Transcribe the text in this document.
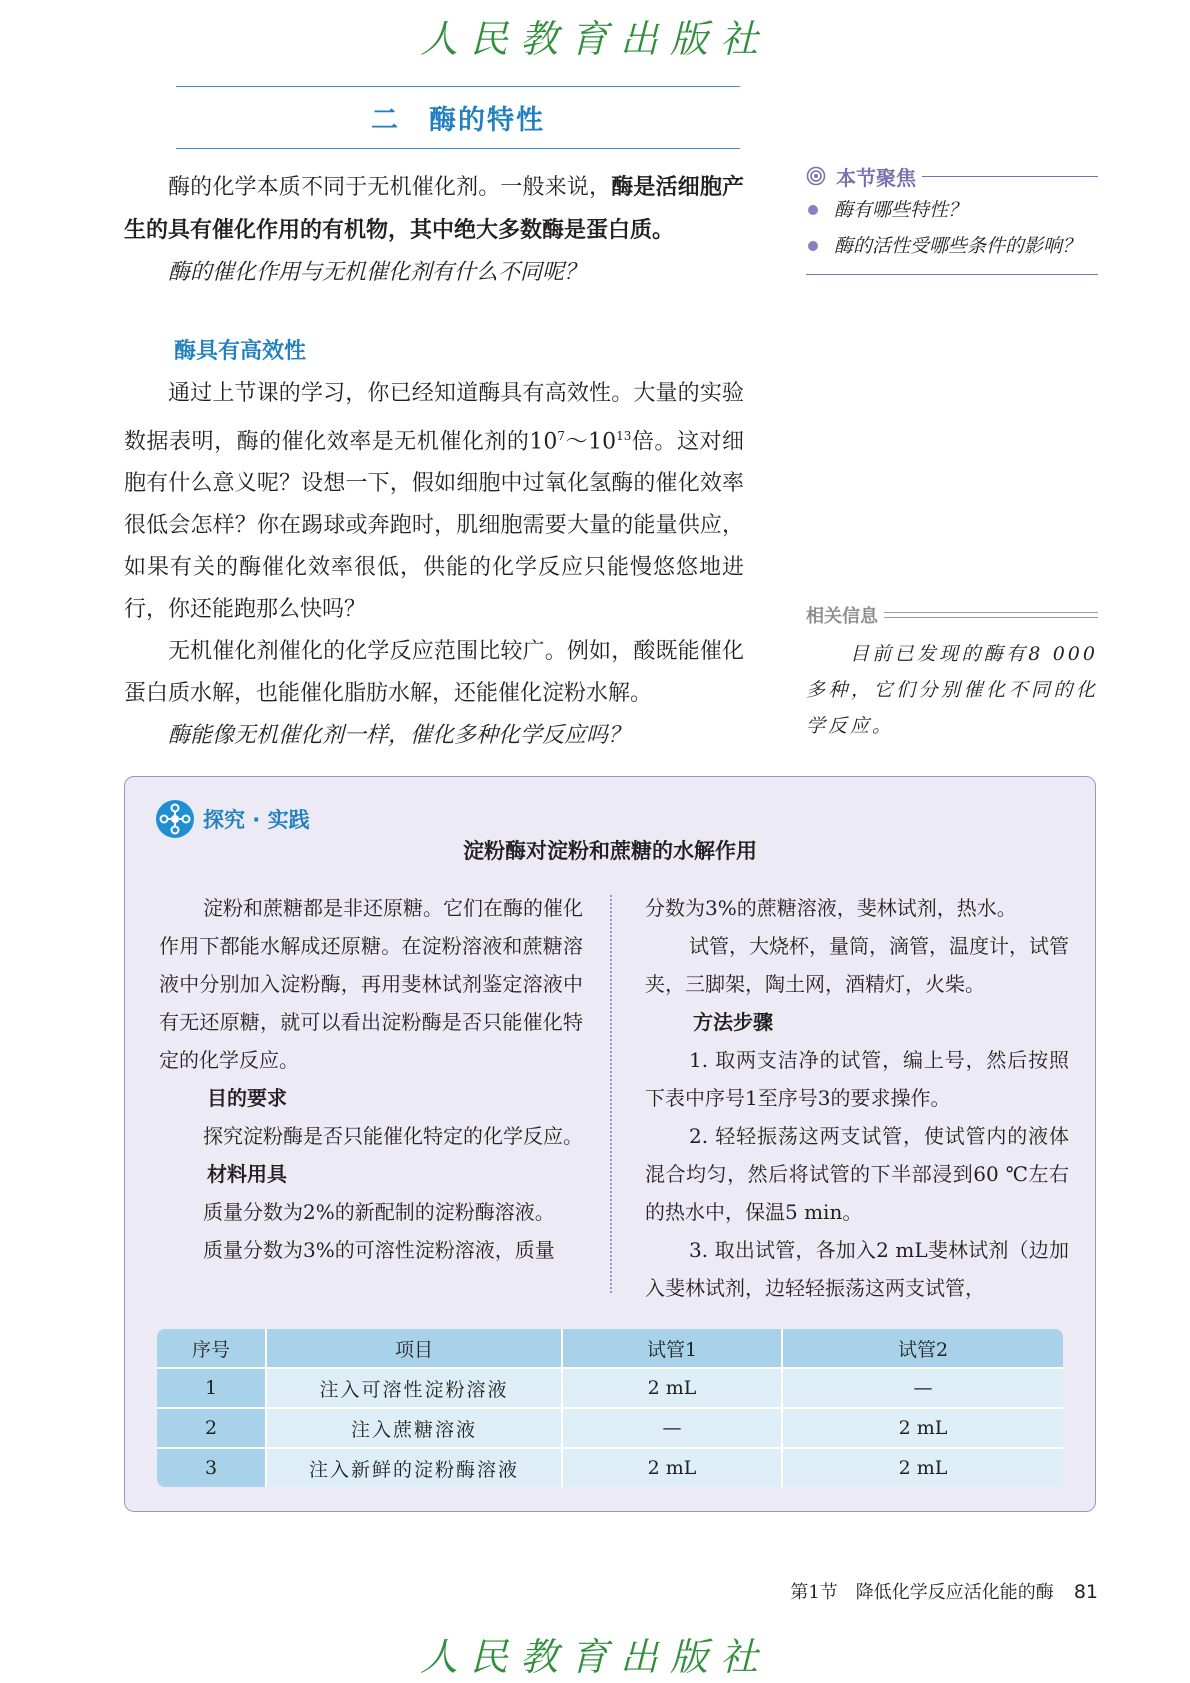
人民教育出版社
二　酶的特性

酶的化学本质不同于无机催化剂。一般来说，酶是活细胞产生的具有催化作用的有机物，其中绝大多数酶是蛋白质。

酶的催化作用与无机催化剂有什么不同呢？

酶具有高效性

通过上节课的学习，你已经知道酶具有高效性。大量的实验数据表明，酶的催化效率是无机催化剂的$10^7\sim 10^{13}$倍。这对细胞有什么意义呢？设想一下，假如细胞中过氧化氢酶的催化效率很低会怎样？你在踢球或奔跑时，肌细胞需要大量的能量供应，如果有关的酶催化效率很低，供能的化学反应只能慢悠悠地进行，你还能跑那么快吗？

无机催化剂催化的化学反应范围比较广。例如，酸既能催化蛋白质水解，也能催化脂肪水解，还能催化淀粉水解。

酶能像无机催化剂一样，催化多种化学反应吗？

本节聚焦
酶有哪些特性？
酶的活性受哪些条件的影响？
相关信息

目前已发现的酶有8 000多种，它们分别催化不同的化学反应。

探究 · 实践
淀粉酶对淀粉和蔗糖的水解作用

淀粉和蔗糖都是非还原糖。它们在酶的催化作用下都能水解成还原糖。在淀粉溶液和蔗糖溶液中分别加入淀粉酶，再用斐林试剂鉴定溶液中有无还原糖，就可以看出淀粉酶是否只能催化特定的化学反应。

目的要求

探究淀粉酶是否只能催化特定的化学反应。

材料用具

质量分数为2%的新配制的淀粉酶溶液。

质量分数为3%的可溶性淀粉溶液，质量

分数为3%的蔗糖溶液，斐林试剂，热水。

试管，大烧杯，量筒，滴管，温度计，试管夹，三脚架，陶土网，酒精灯，火柴。

方法步骤

1. 取两支洁净的试管，编上号，然后按照下表中序号1至序号3的要求操作。

2. 轻轻振荡这两支试管，使试管内的液体混合均匀，然后将试管的下半部浸到60 ℃左右的热水中，保温5 min。

3. 取出试管，各加入2 mL斐林试剂（边加入斐林试剂，边轻轻振荡这两支试管，

序号	项目	试管1	试管2
1	注入可溶性淀粉溶液	2 mL	—
2	注入蔗糖溶液	—	2 mL
3	注入新鲜的淀粉酶溶液	2 mL	2 mL
第1节　降低化学反应活化能的酶 81
人民教育出版社
